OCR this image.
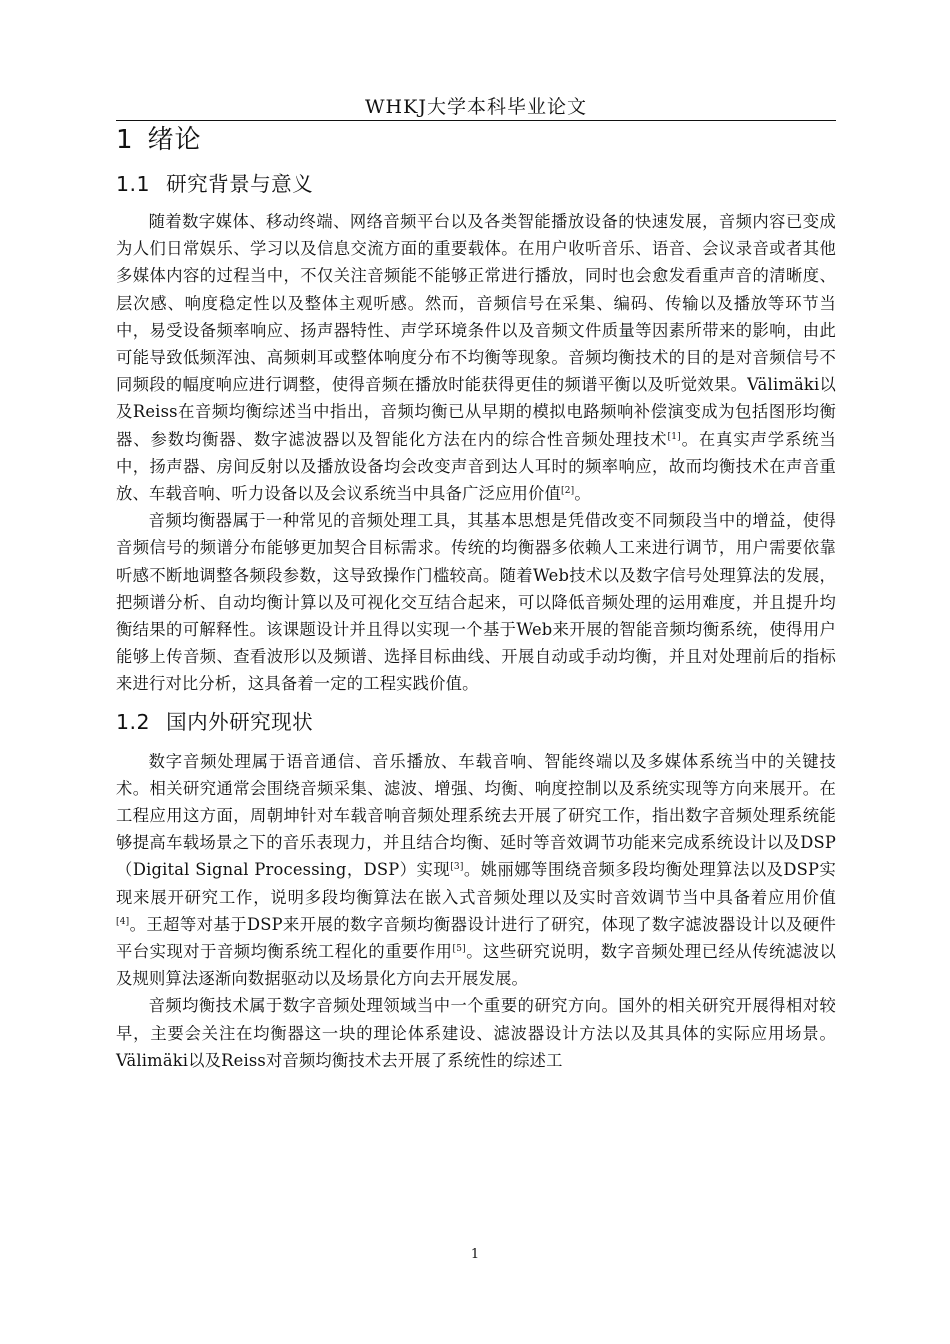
WHKJ大学本科毕业论文
1 绪论
1.1 研究背景与意义

随着数字媒体、移动终端、网络音频平台以及各类智能播放设备的快速发展，音频内容已变成为人们日常娱乐、学习以及信息交流方面的重要载体。在用户收听音乐、语音、会议录音或者其他多媒体内容的过程当中，不仅关注音频能不能够正常进行播放，同时也会愈发看重声音的清晰度、层次感、响度稳定性以及整体主观听感。然而，音频信号在采集、编码、传输以及播放等环节当中，易受设备频率响应、扬声器特性、声学环境条件以及音频文件质量等因素所带来的影响，由此可能导致低频浑浊、高频刺耳或整体响度分布不均衡等现象。音频均衡技术的目的是对音频信号不同频段的幅度响应进行调整，使得音频在播放时能获得更佳的频谱平衡以及听觉效果。Välimäki以及Reiss在音频均衡综述当中指出，音频均衡已从早期的模拟电路频响补偿演变成为包括图形均衡器、参数均衡器、数字滤波器以及智能化方法在内的综合性音频处理技术[1]。在真实声学系统当中，扬声器、房间反射以及播放设备均会改变声音到达人耳时的频率响应，故而均衡技术在声音重放、车载音响、听力设备以及会议系统当中具备广泛应用价值[2]。

音频均衡器属于一种常见的音频处理工具，其基本思想是凭借改变不同频段当中的增益，使得音频信号的频谱分布能够更加契合目标需求。传统的均衡器多依赖人工来进行调节，用户需要依靠听感不断地调整各频段参数，这导致操作门槛较高。随着Web技术以及数字信号处理算法的发展，把频谱分析、自动均衡计算以及可视化交互结合起来，可以降低音频处理的运用难度，并且提升均衡结果的可解释性。该课题设计并且得以实现一个基于Web来开展的智能音频均衡系统，使得用户能够上传音频、查看波形以及频谱、选择目标曲线、开展自动或手动均衡，并且对处理前后的指标来进行对比分析，这具备着一定的工程实践价值。

1.2 国内外研究现状

数字音频处理属于语音通信、音乐播放、车载音响、智能终端以及多媒体系统当中的关键技术。相关研究通常会围绕音频采集、滤波、增强、均衡、响度控制以及系统实现等方向来展开。在工程应用这方面，周朝坤针对车载音响音频处理系统去开展了研究工作，指出数字音频处理系统能够提高车载场景之下的音乐表现力，并且结合均衡、延时等音效调节功能来完成系统设计以及DSP（Digital Signal Processing，DSP）实现[3]。姚丽娜等围绕音频多段均衡处理算法以及DSP实现来展开研究工作，说明多段均衡算法在嵌入式音频处理以及实时音效调节当中具备着应用价值[4]。王超等对基于DSP来开展的数字音频均衡器设计进行了研究，体现了数字滤波器设计以及硬件平台实现对于音频均衡系统工程化的重要作用[5]。这些研究说明，数字音频处理已经从传统滤波以及规则算法逐渐向数据驱动以及场景化方向去开展发展。

音频均衡技术属于数字音频处理领域当中一个重要的研究方向。国外的相关研究开展得相对较早，主要会关注在均衡器这一块的理论体系建设、滤波器设计方法以及其具体的实际应用场景。Välimäki以及Reiss对音频均衡技术去开展了系统性的综述工

1
